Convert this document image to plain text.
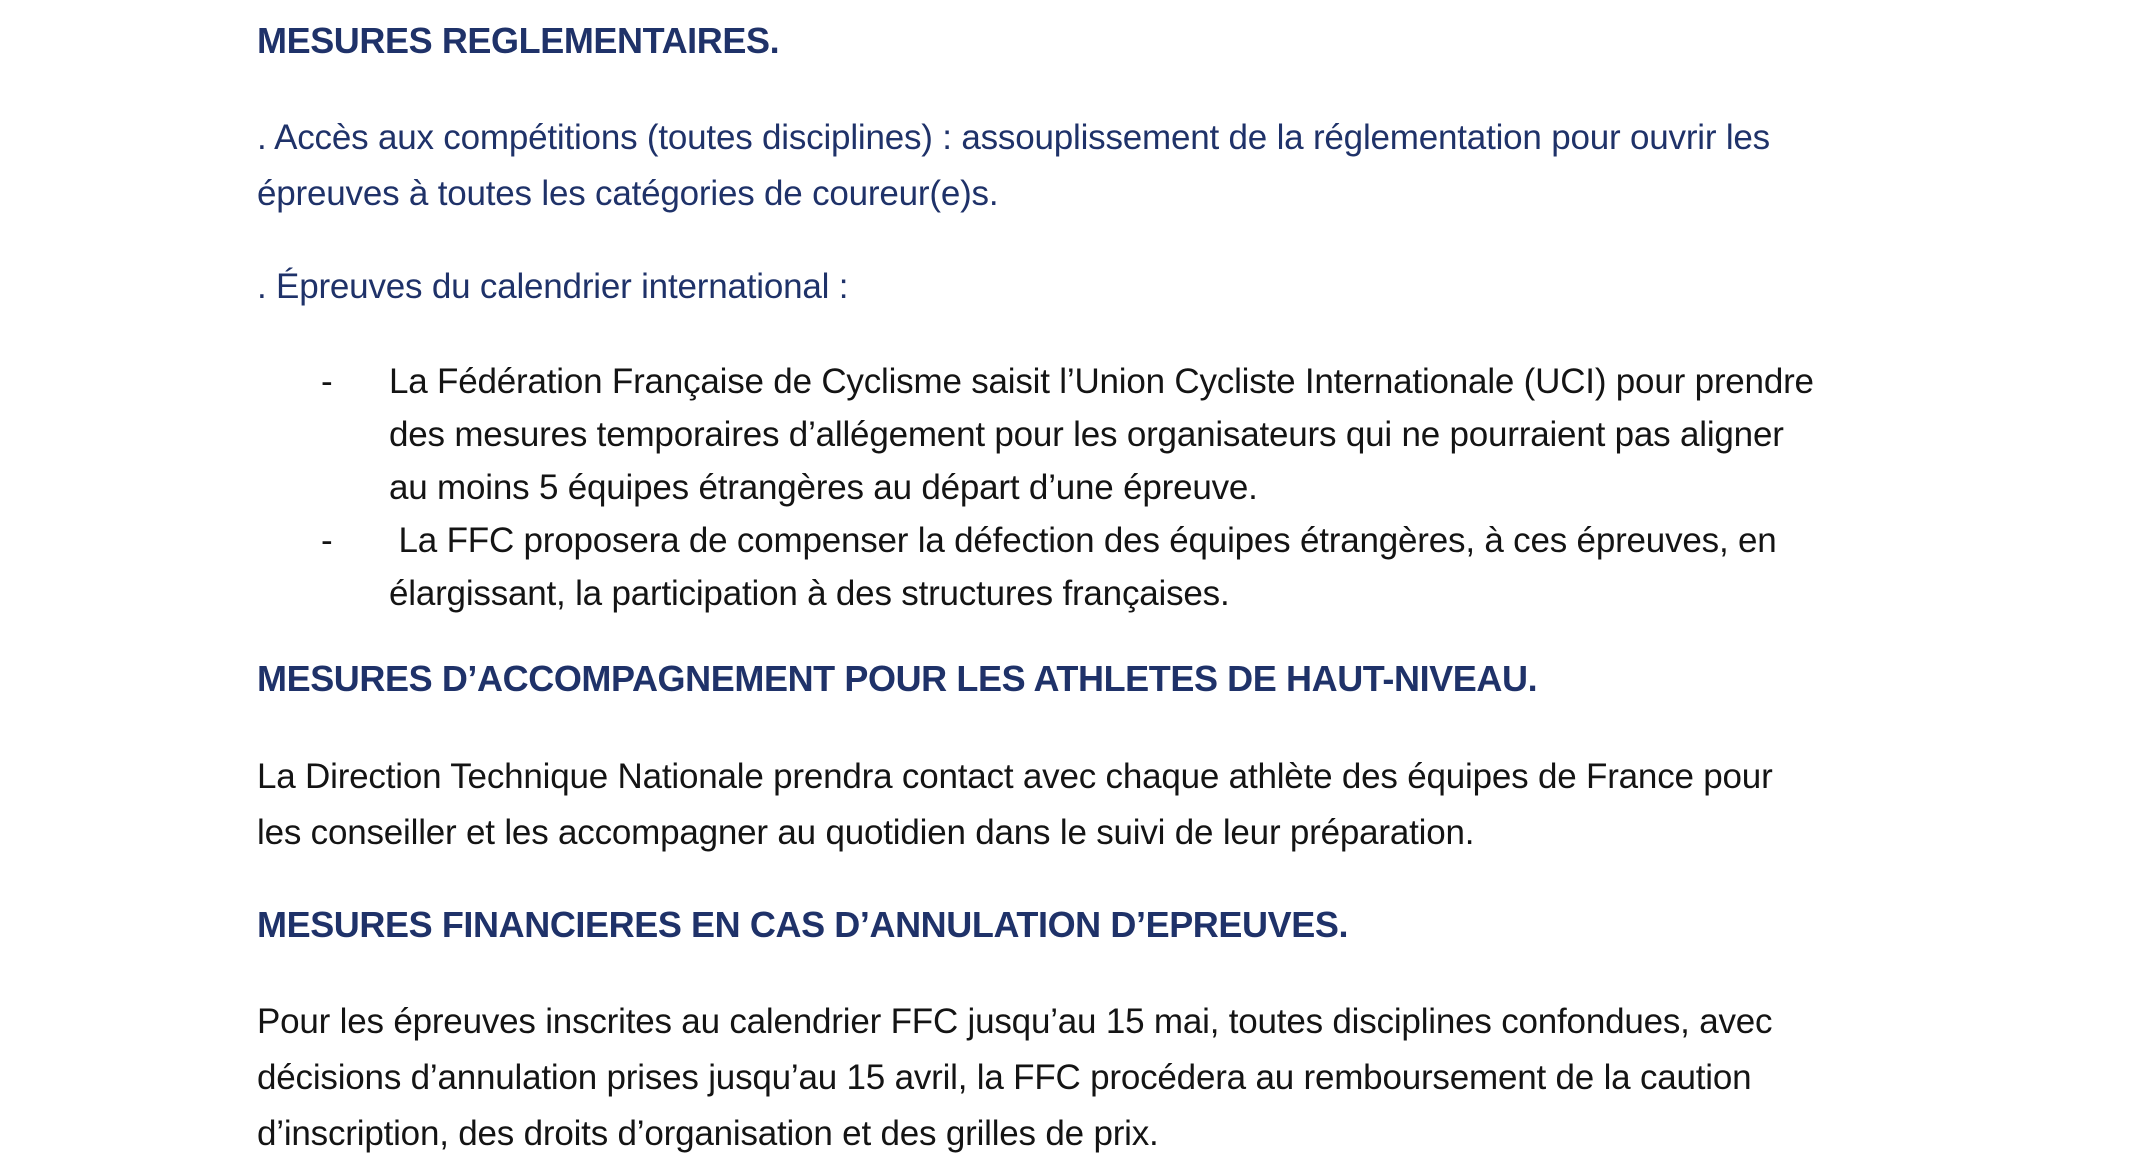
MESURES REGLEMENTAIRES.
. Accès aux compétitions (toutes disciplines) : assouplissement de la réglementation pour ouvrir les
épreuves à toutes les catégories de coureur(e)s.
. Épreuves du calendrier international :
- La Fédération Française de Cyclisme saisit l’Union Cycliste Internationale (UCI) pour prendre
des mesures temporaires d’allégement pour les organisateurs qui ne pourraient pas aligner
au moins 5 équipes étrangères au départ d’une épreuve.
- La FFC proposera de compenser la défection des équipes étrangères, à ces épreuves, en
élargissant, la participation à des structures françaises.
MESURES D’ACCOMPAGNEMENT POUR LES ATHLETES DE HAUT-NIVEAU.
La Direction Technique Nationale prendra contact avec chaque athlète des équipes de France pour
les conseiller et les accompagner au quotidien dans le suivi de leur préparation.
MESURES FINANCIERES EN CAS D’ANNULATION D’EPREUVES.
Pour les épreuves inscrites au calendrier FFC jusqu’au 15 mai, toutes disciplines confondues, avec
décisions d’annulation prises jusqu’au 15 avril, la FFC procédera au remboursement de la caution
d’inscription, des droits d’organisation et des grilles de prix.
